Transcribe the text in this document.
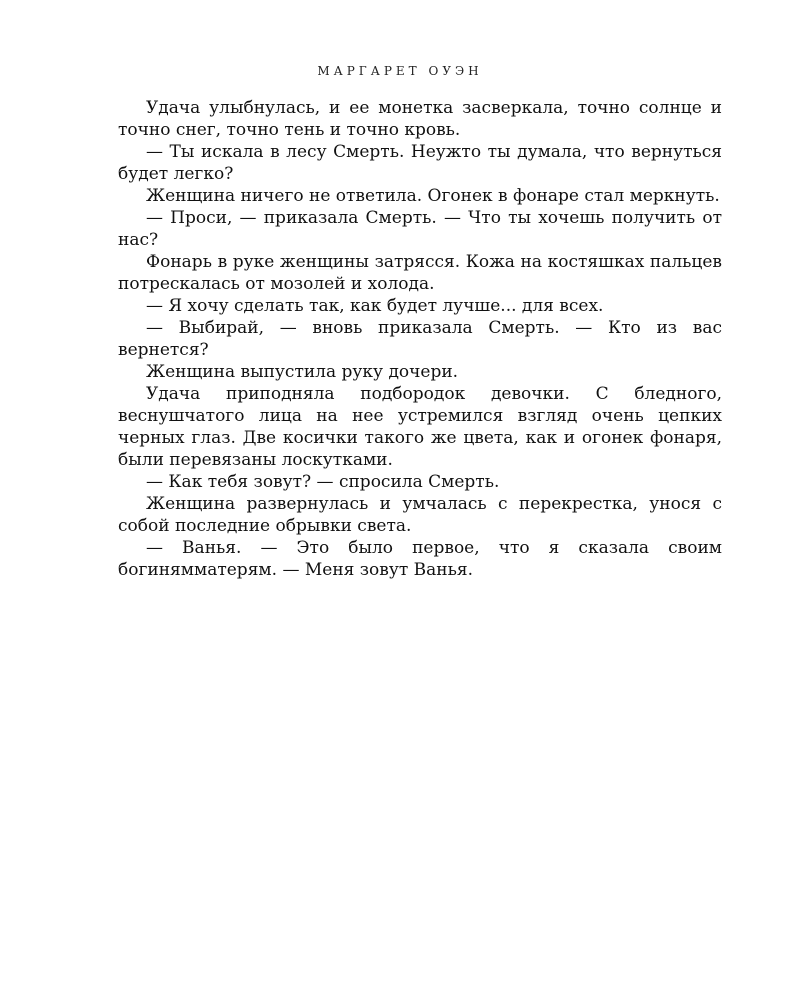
МАРГАРЕТ ОУЭН

Удача улыбнулась, и ее монетка засверкала, точно солнце и точно снег, точно тень и точно кровь.

— Ты искала в лесу Смерть. Неужто ты думала, что вернуться будет легко?

Женщина ничего не ответила. Огонек в фонаре стал меркнуть.

— Проси, — приказала Смерть. — Что ты хочешь получить от нас?

Фонарь в руке женщины затрясся. Кожа на костяшках пальцев потрескалась от мозолей и холода.

— Я хочу сделать так, как будет лучше... для всех.

— Выбирай, — вновь приказала Смерть. — Кто из вас вернется?

Женщина выпустила руку дочери.

Удача приподняла подбородок девочки. С бледного, веснушчатого лица на нее устремился взгляд очень цепких черных глаз. Две косички такого же цвета, как и огонек фонаря, были перевязаны лоскутками.

— Как тебя зовут? — спросила Смерть.

Женщина развернулась и умчалась с перекрестка, унося с собой последние обрывки света.

— Ванья. — Это было первое, что я сказала своим богинямматерям. — Меня зовут Ванья.
